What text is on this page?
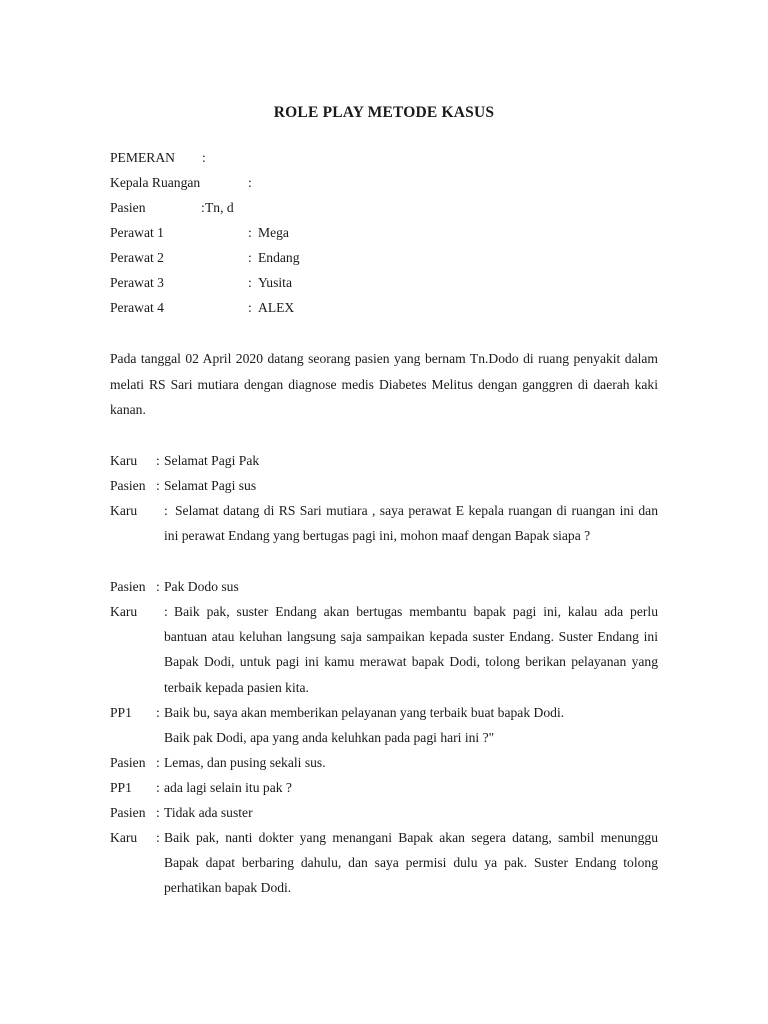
ROLE PLAY METODE KASUS
PEMERAN :
Kepala Ruangan	:
Pasien	: Tn, d
Perawat 1	: Mega
Perawat 2	: Endang
Perawat 3	: Yusita
Perawat 4	: ALEX
Pada tanggal 02 April 2020 datang seorang pasien yang bernam Tn.Dodo di ruang penyakit dalam melati RS Sari mutiara dengan diagnose medis Diabetes Melitus dengan ganggren di daerah kaki kanan.
Karu : Selamat Pagi Pak
Pasien : Selamat Pagi sus
Karu : Selamat datang di RS Sari mutiara , saya perawat E kepala ruangan di ruangan ini dan ini perawat Endang yang bertugas pagi ini, mohon maaf dengan Bapak siapa ?
Pasien : Pak Dodo sus
Karu : Baik pak, suster Endang akan bertugas membantu bapak pagi ini, kalau ada perlu bantuan atau keluhan langsung saja sampaikan kepada suster Endang. Suster Endang ini Bapak Dodi, untuk pagi ini kamu merawat bapak Dodi, tolong berikan pelayanan yang terbaik kepada pasien kita.
PP1 : Baik bu, saya akan memberikan pelayanan yang terbaik buat bapak Dodi.
Baik pak Dodi, apa yang anda keluhkan pada pagi hari ini ?"
Pasien : Lemas, dan pusing sekali sus.
PP1 : ada lagi selain itu pak ?
Pasien : Tidak ada suster
Karu : Baik pak, nanti dokter yang menangani Bapak akan segera datang, sambil menunggu Bapak dapat berbaring dahulu, dan saya permisi dulu ya pak. Suster Endang tolong perhatikan bapak Dodi.
